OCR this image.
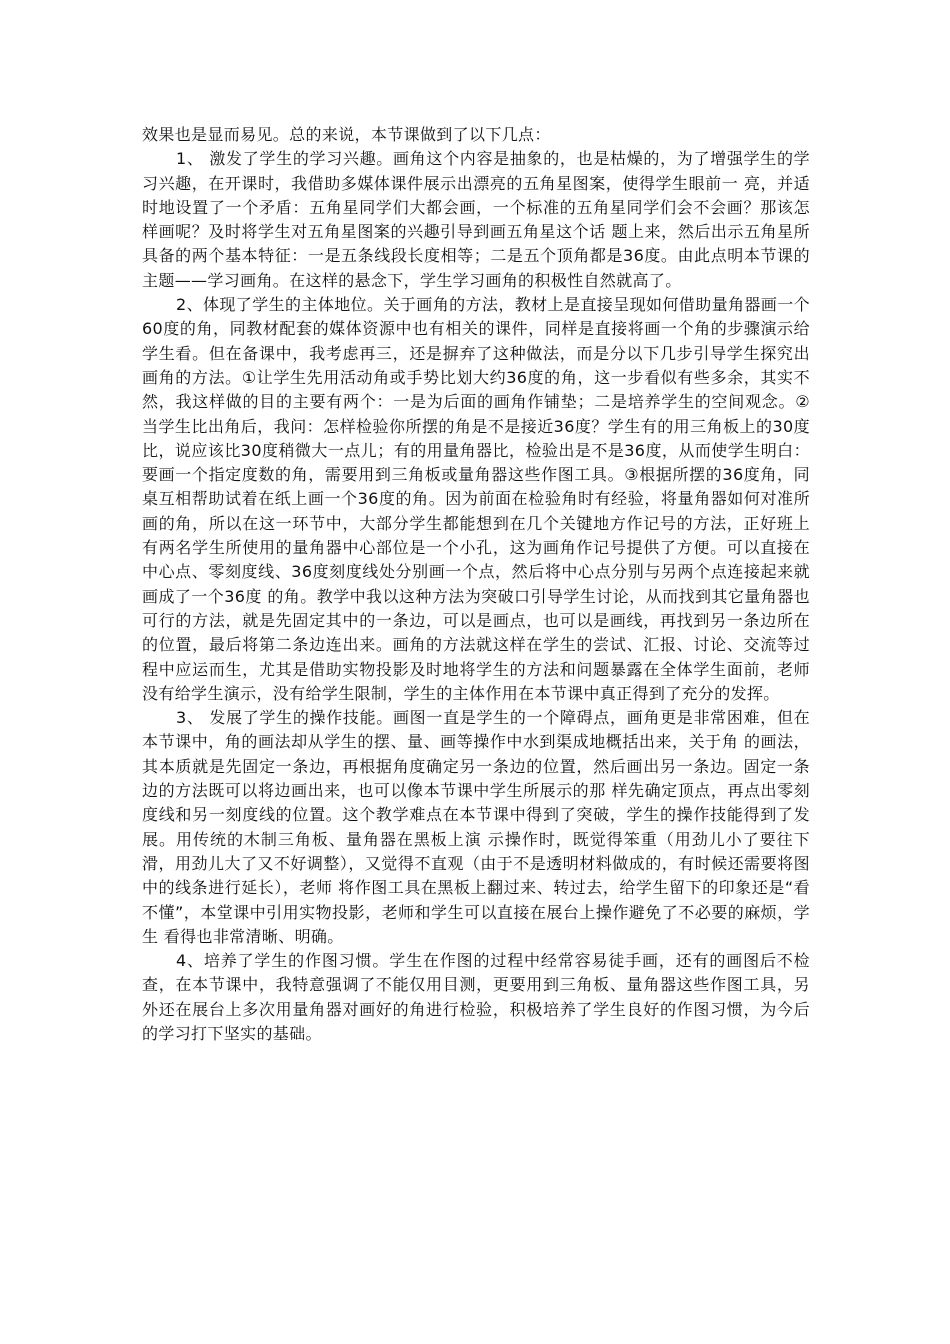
效果也是显而易见。总的来说，本节课做到了以下几点：

1、 激发了学生的学习兴趣。画角这个内容是抽象的，也是枯燥的，为了增强学生的学习兴趣，在开课时，我借助多媒体课件展示出漂亮的五角星图案，使得学生眼前一 亮，并适时地设置了一个矛盾：五角星同学们大都会画，一个标准的五角星同学们会不会画？那该怎样画呢？及时将学生对五角星图案的兴趣引导到画五角星这个话 题上来，然后出示五角星所具备的两个基本特征：一是五条线段长度相等；二是五个顶角都是36度。由此点明本节课的主题——学习画角。在这样的悬念下，学生学习画角的积极性自然就高了。

2、体现了学生的主体地位。关于画角的方法，教材上是直接呈现如何借助量角器画一个60度的角，同教材配套的媒体资源中也有相关的课件，同样是直接将画一个角的步骤演示给学生看。但在备课中，我考虑再三，还是摒弃了这种做法，而是分以下几步引导学生探究出画角的方法。①让学生先用活动角或手势比划大约36度的角，这一步看似有些多余，其实不然，我这样做的目的主要有两个：一是为后面的画角作铺垫；二是培养学生的空间观念。②当学生比出角后，我问：怎样检验你所摆的角是不是接近36度？学生有的用三角板上的30度比，说应该比30度稍微大一点儿；有的用量角器比，检验出是不是36度，从而使学生明白：要画一个指定度数的角，需要用到三角板或量角器这些作图工具。③根据所摆的36度角，同桌互相帮助试着在纸上画一个36度的角。因为前面在检验角时有经验，将量角器如何对准所画的角，所以在这一环节中，大部分学生都能想到在几个关键地方作记号的方法，正好班上有两名学生所使用的量角器中心部位是一个小孔，这为画角作记号提供了方便。可以直接在中心点、零刻度线、36度刻度线处分别画一个点，然后将中心点分别与另两个点连接起来就画成了一个36度 的角。教学中我以这种方法为突破口引导学生讨论，从而找到其它量角器也可行的方法，就是先固定其中的一条边，可以是画点，也可以是画线，再找到另一条边所在的位置，最后将第二条边连出来。画角的方法就这样在学生的尝试、汇报、讨论、交流等过程中应运而生，尤其是借助实物投影及时地将学生的方法和问题暴露在全体学生面前，老师没有给学生演示，没有给学生限制，学生的主体作用在本节课中真正得到了充分的发挥。

3、 发展了学生的操作技能。画图一直是学生的一个障碍点，画角更是非常困难，但在本节课中，角的画法却从学生的摆、量、画等操作中水到渠成地概括出来，关于角 的画法，其本质就是先固定一条边，再根据角度确定另一条边的位置，然后画出另一条边。固定一条边的方法既可以将边画出来，也可以像本节课中学生所展示的那 样先确定顶点，再点出零刻度线和另一刻度线的位置。这个教学难点在本节课中得到了突破，学生的操作技能得到了发展。用传统的木制三角板、量角器在黑板上演 示操作时，既觉得笨重（用劲儿小了要往下滑，用劲儿大了又不好调整），又觉得不直观（由于不是透明材料做成的，有时候还需要将图中的线条进行延长），老师 将作图工具在黑板上翻过来、转过去，给学生留下的印象还是“看不懂”，本堂课中引用实物投影，老师和学生可以直接在展台上操作避免了不必要的麻烦，学生 看得也非常清晰、明确。

4、培养了学生的作图习惯。学生在作图的过程中经常容易徒手画，还有的画图后不检查，在本节课中，我特意强调了不能仅用目测，更要用到三角板、量角器这些作图工具，另外还在展台上多次用量角器对画好的角进行检验，积极培养了学生良好的作图习惯，为今后的学习打下坚实的基础。
